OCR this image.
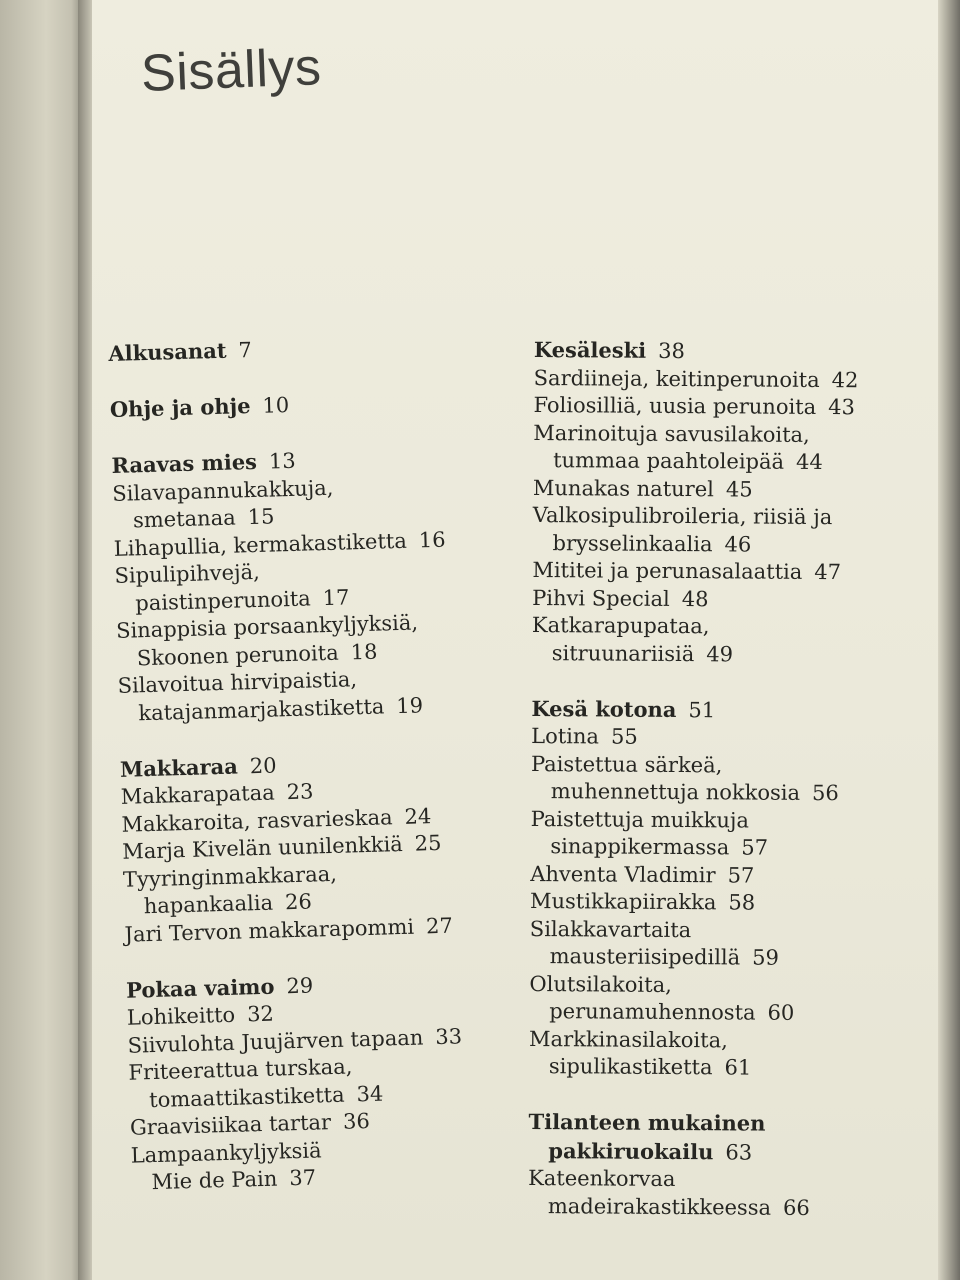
Sisällys
Alkusanat 7
Ohje ja ohje 10
Raavas mies 13
Silavapannukakkuja,
smetanaa 15
Lihapullia, kermakastiketta 16
Sipulipihvejä,
paistinperunoita 17
Sinappisia porsaankyljyksiä,
Skoonen perunoita 18
Silavoitua hirvipaistia,
katajanmarjakastiketta 19
Makkaraa 20
Makkarapataa 23
Makkaroita, rasvarieskaa 24
Marja Kivelän uunilenkkiä 25
Tyyringinmakkaraa,
hapankaalia 26
Jari Tervon makkarapommi 27
Pokaa vaimo 29
Lohikeitto 32
Siivulohta Juujärven tapaan 33
Friteerattua turskaa,
tomaattikastiketta 34
Graavisiikaa tartar 36
Lampaankyljyksiä
Mie de Pain 37
Kesäleski 38
Sardiineja, keitinperunoita 42
Foliosilliä, uusia perunoita 43
Marinoituja savusilakoita,
tummaa paahtoleipää 44
Munakas naturel 45
Valkosipulibroileria, riisiä ja
brysselinkaalia 46
Mititei ja perunasalaattia 47
Pihvi Special 48
Katkarapupataa,
sitruunariisiä 49
Kesä kotona 51
Lotina 55
Paistettua särkeä,
muhennettuja nokkosia 56
Paistettuja muikkuja
sinappikermassa 57
Ahventa Vladimir 57
Mustikkapiirakka 58
Silakkavartaita
mausteriisipedillä 59
Olutsilakoita,
perunamuhennosta 60
Markkinasilakoita,
sipulikastiketta 61
Tilanteen mukainen
pakkiruokailu 63
Kateenkorvaa
madeirakastikkeessa 66
